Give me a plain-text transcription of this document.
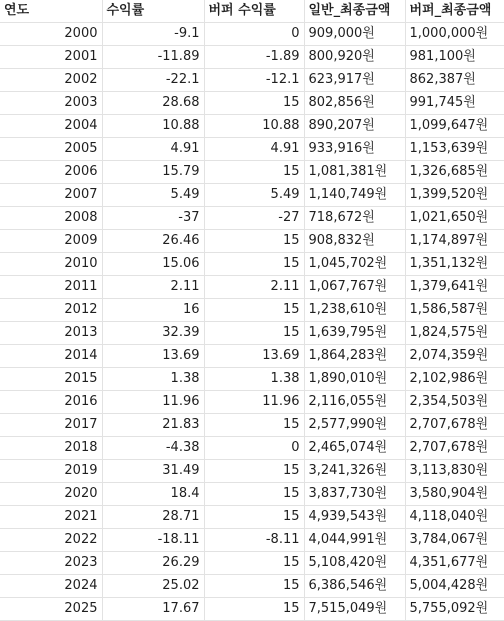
연도	수익률	버퍼 수익률	일반_최종금액	버퍼_최종금액
2000	-9.1	0	909,000원	1,000,000원
2001	-11.89	-1.89	800,920원	981,100원
2002	-22.1	-12.1	623,917원	862,387원
2003	28.68	15	802,856원	991,745원
2004	10.88	10.88	890,207원	1,099,647원
2005	4.91	4.91	933,916원	1,153,639원
2006	15.79	15	1,081,381원	1,326,685원
2007	5.49	5.49	1,140,749원	1,399,520원
2008	-37	-27	718,672원	1,021,650원
2009	26.46	15	908,832원	1,174,897원
2010	15.06	15	1,045,702원	1,351,132원
2011	2.11	2.11	1,067,767원	1,379,641원
2012	16	15	1,238,610원	1,586,587원
2013	32.39	15	1,639,795원	1,824,575원
2014	13.69	13.69	1,864,283원	2,074,359원
2015	1.38	1.38	1,890,010원	2,102,986원
2016	11.96	11.96	2,116,055원	2,354,503원
2017	21.83	15	2,577,990원	2,707,678원
2018	-4.38	0	2,465,074원	2,707,678원
2019	31.49	15	3,241,326원	3,113,830원
2020	18.4	15	3,837,730원	3,580,904원
2021	28.71	15	4,939,543원	4,118,040원
2022	-18.11	-8.11	4,044,991원	3,784,067원
2023	26.29	15	5,108,420원	4,351,677원
2024	25.02	15	6,386,546원	5,004,428원
2025	17.67	15	7,515,049원	5,755,092원
